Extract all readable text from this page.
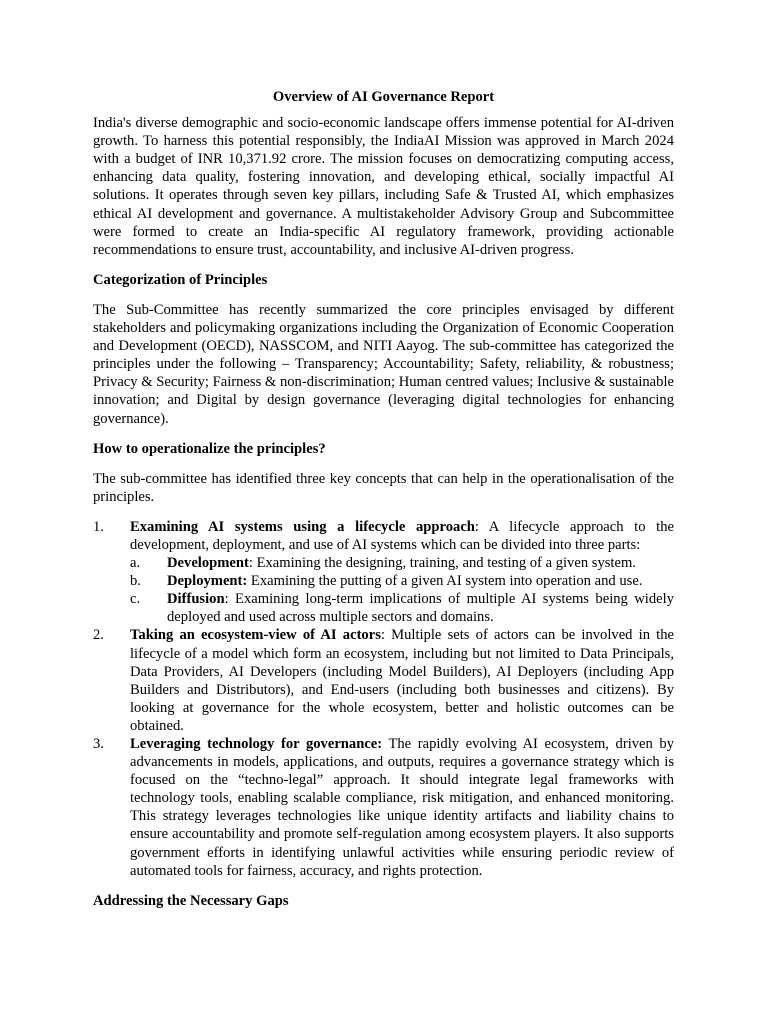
Overview of AI Governance Report

India's diverse demographic and socio-economic landscape offers immense potential for AI-driven growth. To harness this potential responsibly, the IndiaAI Mission was approved in March 2024 with a budget of INR 10,371.92 crore. The mission focuses on democratizing computing access, enhancing data quality, fostering innovation, and developing ethical, socially impactful AI solutions. It operates through seven key pillars, including Safe & Trusted AI, which emphasizes ethical AI development and governance. A multistakeholder Advisory Group and Subcommittee were formed to create an India-specific AI regulatory framework, providing actionable recommendations to ensure trust, accountability, and inclusive AI-driven progress.

Categorization of Principles

The Sub-Committee has recently summarized the core principles envisaged by different stakeholders and policymaking organizations including the Organization of Economic Cooperation and Development (OECD), NASSCOM, and NITI Aayog. The sub-committee has categorized the principles under the following – Transparency; Accountability; Safety, reliability, & robustness; Privacy & Security; Fairness & non-discrimination; Human centred values; Inclusive & sustainable innovation; and Digital by design governance (leveraging digital technologies for enhancing governance).

How to operationalize the principles?

The sub-committee has identified three key concepts that can help in the operationalisation of the principles.

1. Examining AI systems using a lifecycle approach: A lifecycle approach to the development, deployment, and use of AI systems which can be divided into three parts:
a. Development: Examining the designing, training, and testing of a given system.
b. Deployment: Examining the putting of a given AI system into operation and use.
c. Diffusion: Examining long-term implications of multiple AI systems being widely deployed and used across multiple sectors and domains.
2. Taking an ecosystem-view of AI actors: Multiple sets of actors can be involved in the lifecycle of a model which form an ecosystem, including but not limited to Data Principals, Data Providers, AI Developers (including Model Builders), AI Deployers (including App Builders and Distributors), and End-users (including both businesses and citizens). By looking at governance for the whole ecosystem, better and holistic outcomes can be obtained.
3. Leveraging technology for governance: The rapidly evolving AI ecosystem, driven by advancements in models, applications, and outputs, requires a governance strategy which is focused on the “techno-legal” approach. It should integrate legal frameworks with technology tools, enabling scalable compliance, risk mitigation, and enhanced monitoring. This strategy leverages technologies like unique identity artifacts and liability chains to ensure accountability and promote self-regulation among ecosystem players. It also supports government efforts in identifying unlawful activities while ensuring periodic review of automated tools for fairness, accuracy, and rights protection.
Addressing the Necessary Gaps
